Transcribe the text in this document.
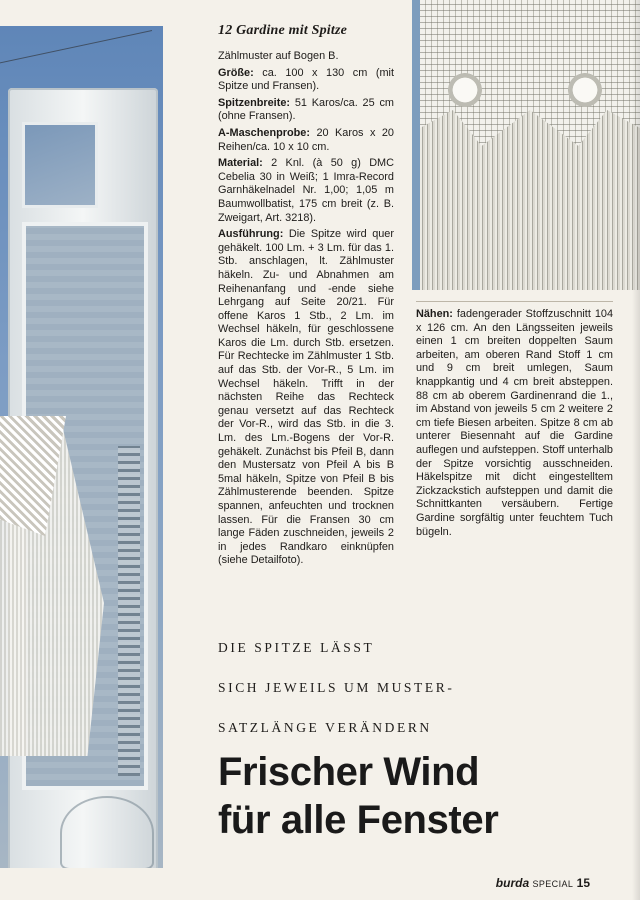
12 Gardine mit Spitze

Zählmuster auf Bogen B.

Größe: ca. 100 x 130 cm (mit Spitze und Fransen).

Spitzenbreite: 51 Karos/ca. 25 cm (ohne Fransen).

A-Maschenprobe: 20 Karos x 20 Reihen/ca. 10 x 10 cm.

Material: 2 Knl. (à 50 g) DMC Cebelia 30 in Weiß; 1 Imra-Record Garnhäkelnadel Nr. 1,00; 1,05 m Baumwollbatist, 175 cm breit (z. B. Zweigart, Art. 3218).

Ausführung: Die Spitze wird quer gehäkelt. 100 Lm. + 3 Lm. für das 1. Stb. anschlagen, lt. Zählmuster häkeln. Zu- und Abnahmen am Reihenanfang und -ende siehe Lehrgang auf Seite 20/21. Für offene Karos 1 Stb., 2 Lm. im Wechsel häkeln, für geschlossene Karos die Lm. durch Stb. ersetzen. Für Rechtecke im Zählmuster 1 Stb. auf das Stb. der Vor-R., 5 Lm. im Wechsel häkeln. Trifft in der nächsten Reihe das Rechteck genau versetzt auf das Rechteck der Vor-R., wird das Stb. in die 3. Lm. des Lm.-Bogens der Vor-R. gehäkelt. Zunächst bis Pfeil B, dann den Mustersatz von Pfeil A bis B 5mal häkeln, Spitze von Pfeil B bis Zählmusterende beenden. Spitze spannen, anfeuchten und trocknen lassen. Für die Fransen 30 cm lange Fäden zuschneiden, jeweils 2 in jedes Randkaro einknüpfen (siehe Detailfoto).

Nähen: fadengerader Stoffzuschnitt 104 x 126 cm. An den Längsseiten jeweils einen 1 cm breiten doppelten Saum arbeiten, am oberen Rand Stoff 1 cm und 9 cm breit umlegen, Saum knappkantig und 4 cm breit absteppen. 88 cm ab oberem Gardinenrand die 1., im Abstand von jeweils 5 cm 2 weitere 2 cm tiefe Biesen arbeiten. Spitze 8 cm ab unterer Biesennaht auf die Gardine auflegen und aufsteppen. Stoff unterhalb der Spitze vorsichtig ausschneiden. Häkelspitze mit dicht eingestelltem Zickzackstich aufsteppen und damit die Schnittkanten versäubern. Fertige Gardine sorgfältig unter feuchtem Tuch bügeln.

DIE SPITZE LÄSST
SICH JEWEILS UM MUSTER-
SATZLÄNGE VERÄNDERN
Frischer Wind
für alle Fenster
burda SPECIAL 15
